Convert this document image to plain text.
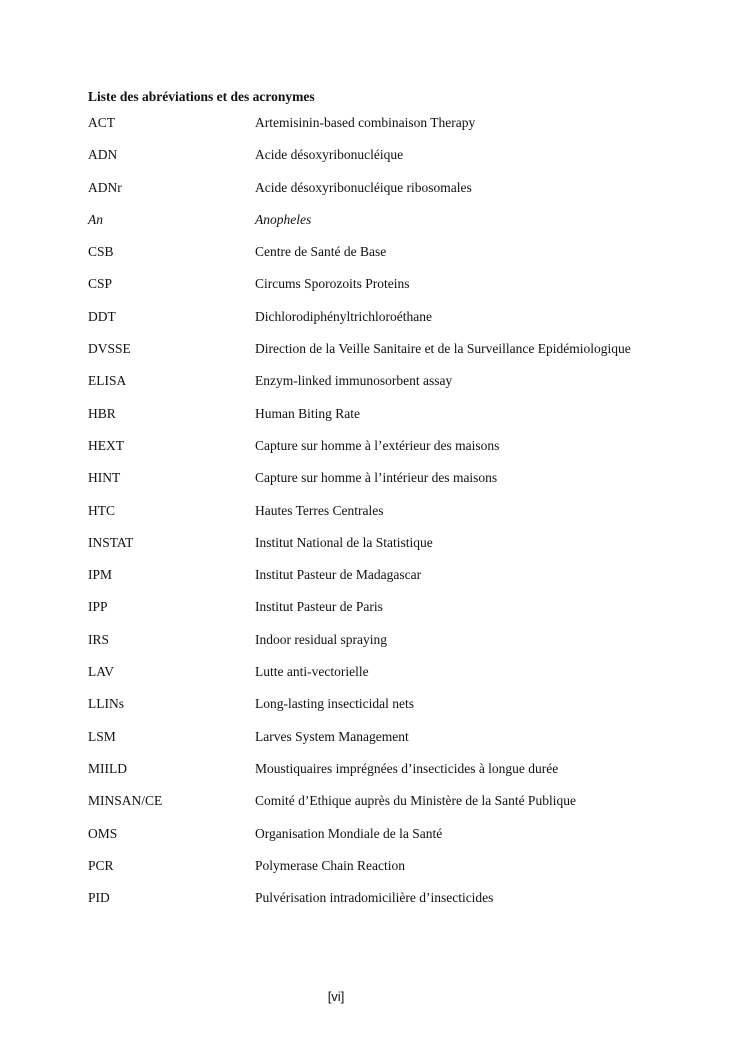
Liste des abréviations et des acronymes
ACT	Artemisinin-based combinaison Therapy
ADN	Acide désoxyribonucléique
ADNr	Acide désoxyribonucléique ribosomales
An	Anopheles
CSB	Centre de Santé de Base
CSP	Circums Sporozoits Proteins
DDT	Dichlorodiphényltrichloroéthane
DVSSE	Direction de la Veille Sanitaire et de la Surveillance Epidémiologique
ELISA	Enzym-linked immunosorbent assay
HBR	Human Biting Rate
HEXT	Capture sur homme à l’extérieur des maisons
HINT	Capture sur homme à l’intérieur des maisons
HTC	Hautes Terres Centrales
INSTAT	Institut National de la Statistique
IPM	Institut Pasteur de Madagascar
IPP	Institut Pasteur de Paris
IRS	Indoor residual spraying
LAV	Lutte anti-vectorielle
LLINs	Long-lasting insecticidal nets
LSM	Larves System Management
MIILD	Moustiquaires imprégnées d’insecticides à longue durée
MINSAN/CE	Comité d’Ethique auprès du Ministère de la Santé Publique
OMS	Organisation Mondiale de la Santé
PCR	Polymerase Chain Reaction
PID	Pulvérisation intradomicilière d’insecticides
[vi]
